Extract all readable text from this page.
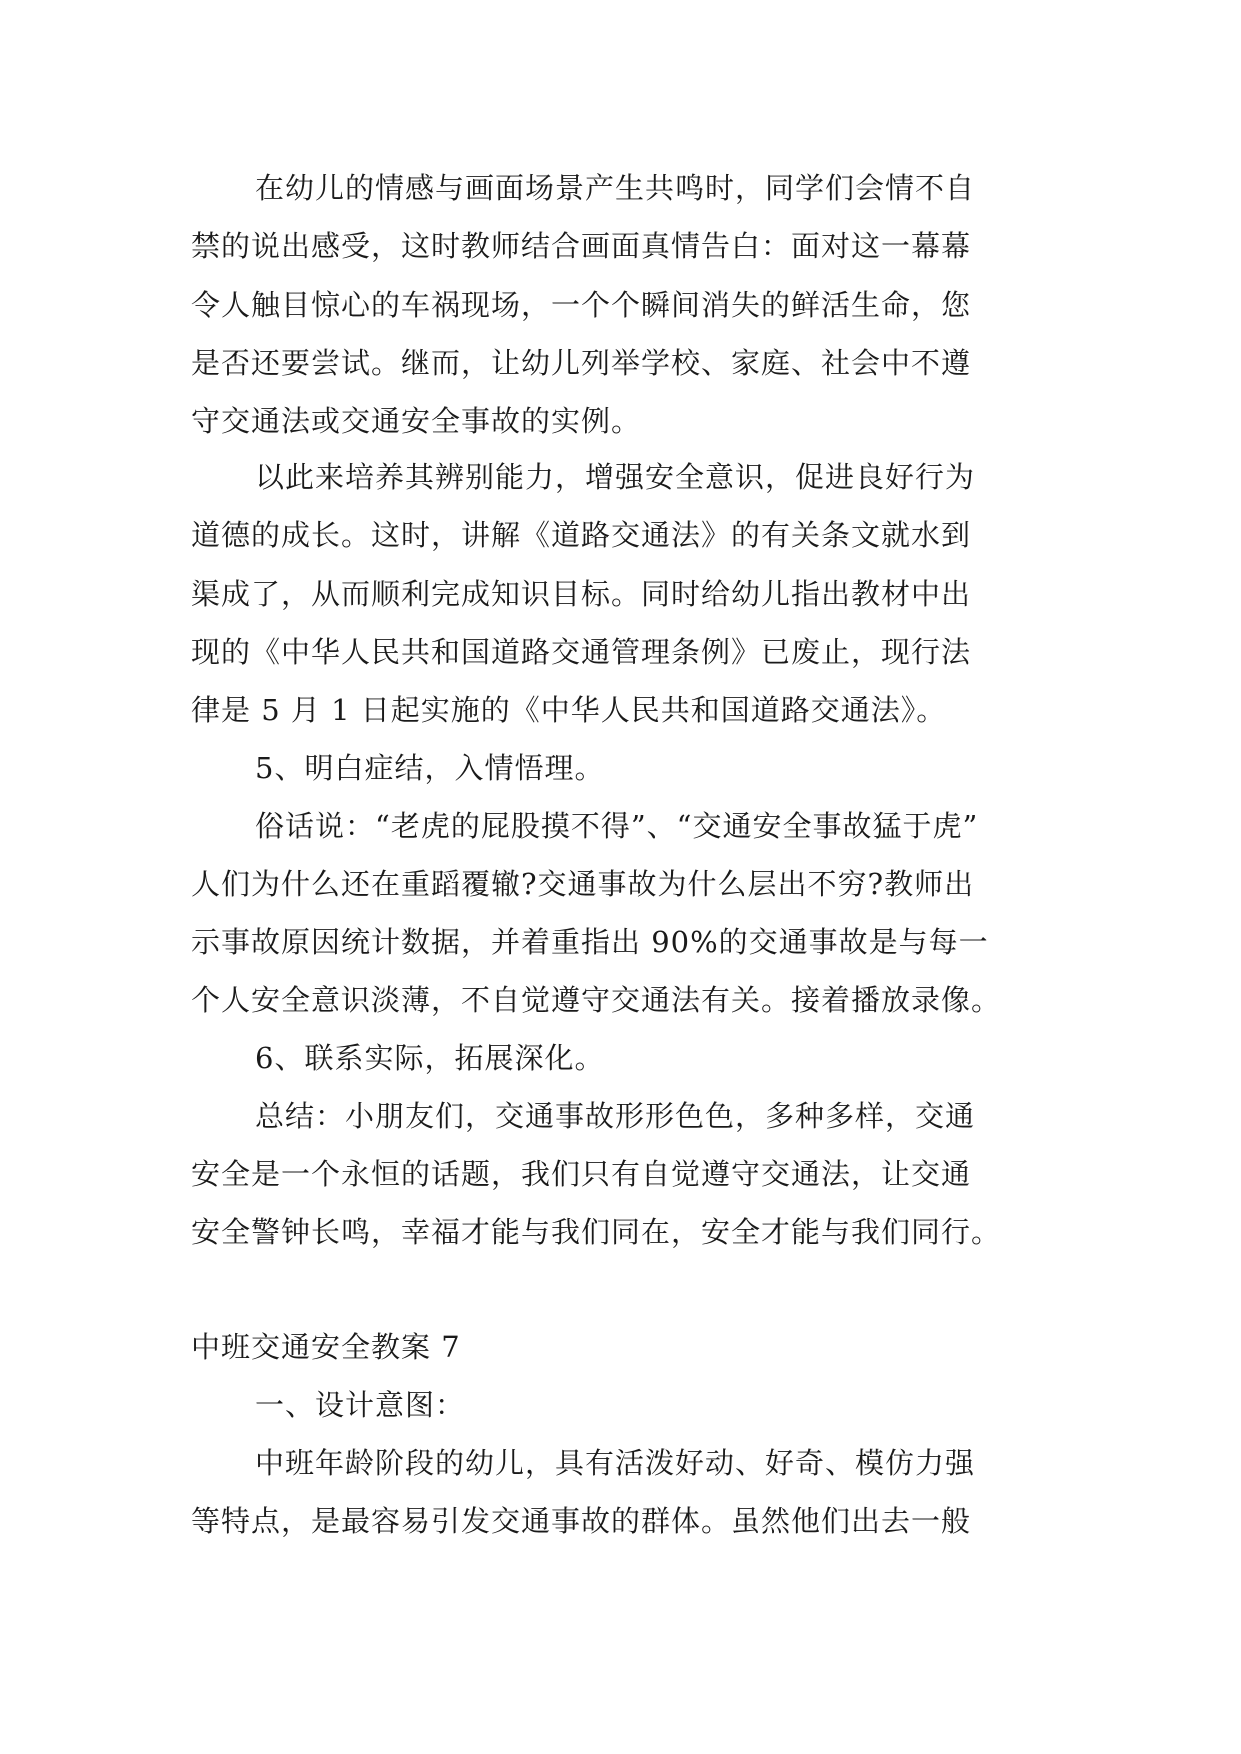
在幼儿的情感与画面场景产生共鸣时，同学们会情不自
禁的说出感受，这时教师结合画面真情告白：面对这一幕幕
令人触目惊心的车祸现场，一个个瞬间消失的鲜活生命，您
是否还要尝试。继而，让幼儿列举学校、家庭、社会中不遵
守交通法或交通安全事故的实例。
以此来培养其辨别能力，增强安全意识，促进良好行为
道德的成长。这时，讲解《道路交通法》的有关条文就水到
渠成了，从而顺利完成知识目标。同时给幼儿指出教材中出
现的《中华人民共和国道路交通管理条例》已废止，现行法
律是 5 月 1 日起实施的《中华人民共和国道路交通法》。
5、明白症结，入情悟理。
俗话说：“老虎的屁股摸不得”、“交通安全事故猛于虎”
人们为什么还在重蹈覆辙?交通事故为什么层出不穷?教师出
示事故原因统计数据，并着重指出 90%的交通事故是与每一
个人安全意识淡薄，不自觉遵守交通法有关。接着播放录像。
6、联系实际，拓展深化。
总结：小朋友们，交通事故形形色色，多种多样，交通
安全是一个永恒的话题，我们只有自觉遵守交通法，让交通
安全警钟长鸣，幸福才能与我们同在，安全才能与我们同行。
中班交通安全教案 7
一、设计意图：
中班年龄阶段的幼儿，具有活泼好动、好奇、模仿力强
等特点，是最容易引发交通事故的群体。虽然他们出去一般
